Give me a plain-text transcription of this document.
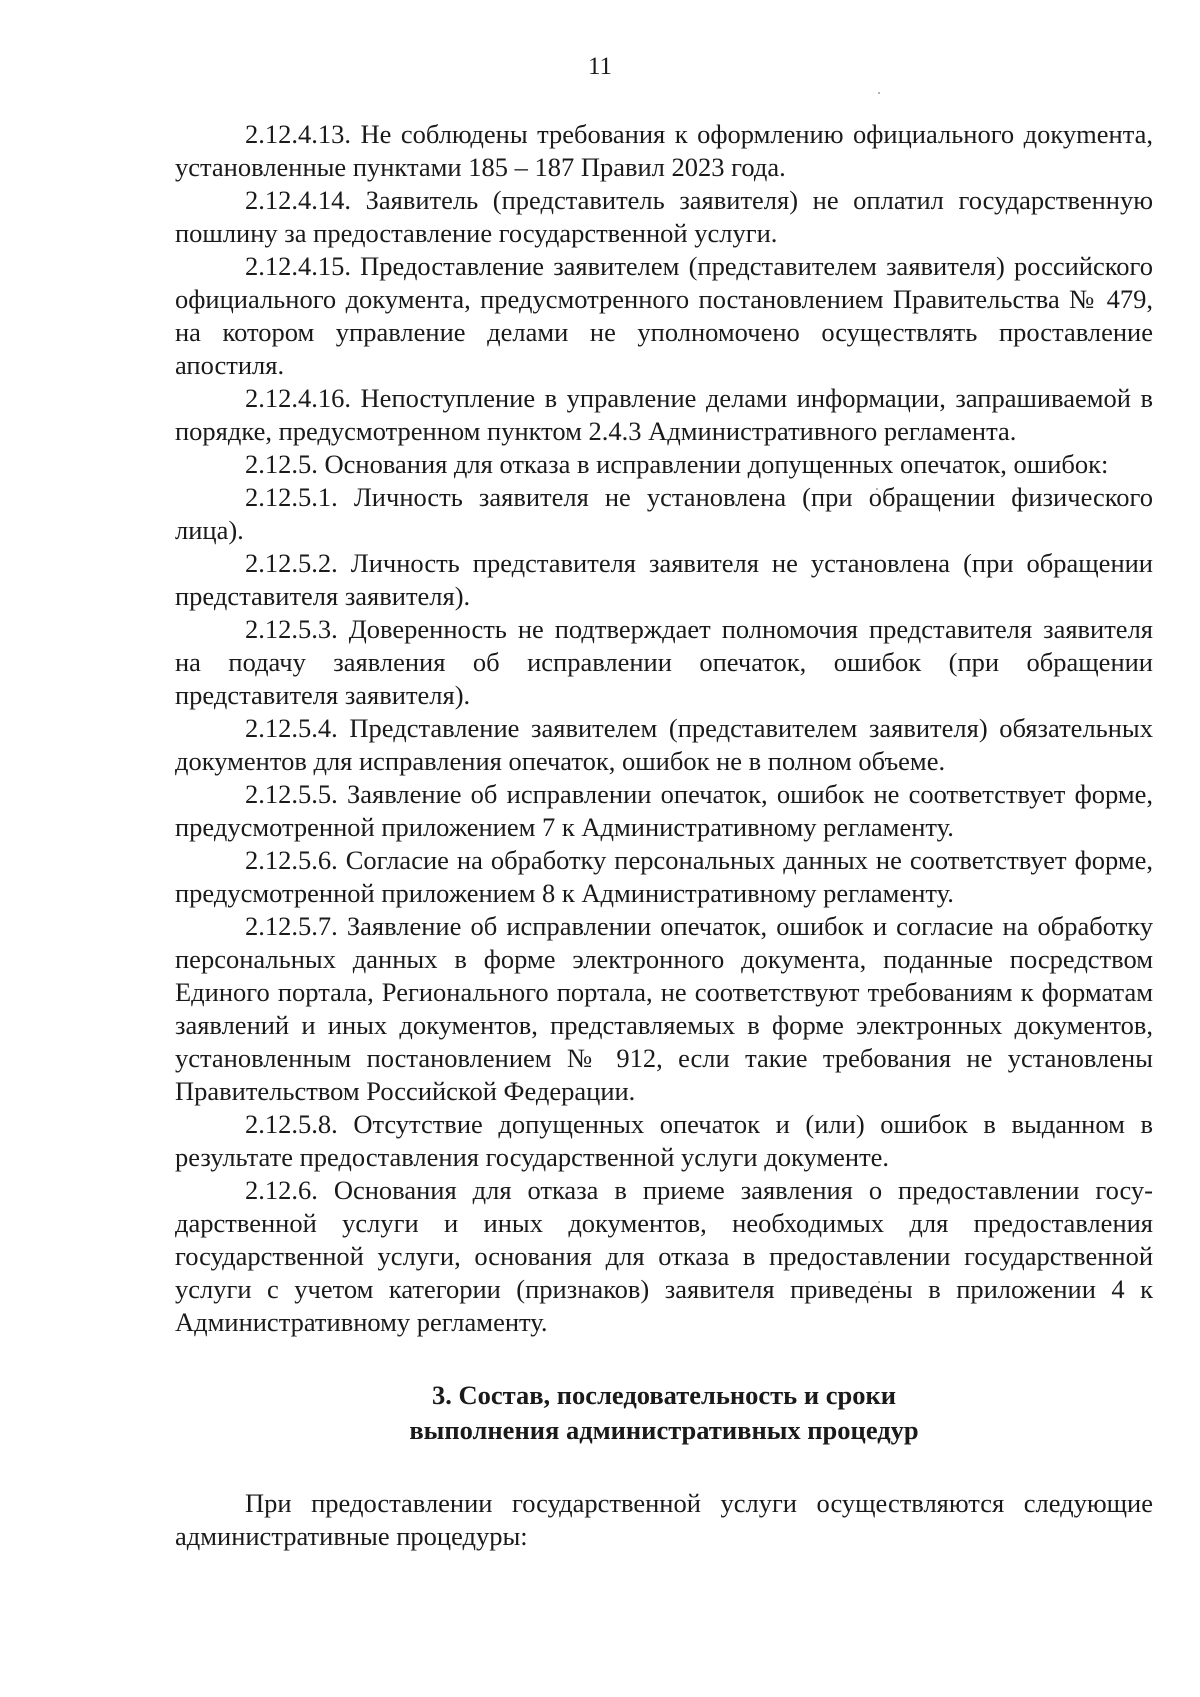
11

2.12.4.13. Не соблюдены требования к оформлению официального докуmента, установленные пунктами 185 – 187 Правил 2023 года.

2.12.4.14. Заявитель (представитель заявителя) не оплатил государственную пошлину за предоставление государственной услуги.

2.12.4.15. Предоставление заявителем (представителем заявителя) российского официального документа, предусмотренного постановлением Правительства № 479, на котором управление делами не уполномочено осуществлять проставление апостиля.

2.12.4.16. Непоступление в управление делами информации, запрашиваемой в порядке, предусмотренном пунктом 2.4.3 Административного регламента.

2.12.5. Основания для отказа в исправлении допущенных опечаток, ошибок:

2.12.5.1. Личность заявителя не установлена (при обращении физического лица).

2.12.5.2. Личность представителя заявителя не установлена (при обращении представителя заявителя).

2.12.5.3. Доверенность не подтверждает полномочия представителя заявителя на подачу заявления об исправлении опечаток, ошибок (при обращении представителя заявителя).

2.12.5.4. Представление заявителем (представителем заявителя) обязательных документов для исправления опечаток, ошибок не в полном объеме.

2.12.5.5. Заявление об исправлении опечаток, ошибок не соответствует форме, предусмотренной приложением 7 к Административному регламенту.

2.12.5.6. Согласие на обработку персональных данных не соответствует форме, предусмотренной приложением 8 к Административному регламенту.

2.12.5.7. Заявление об исправлении опечаток, ошибок и согласие на обработку персональных данных в форме электронного документа, поданные посредством Единого портала, Регионального портала, не соответствуют требованиям к форматам заявлений и иных документов, представляемых в форме электронных документов, установленным постановлением № 912, если такие требования не установлены Правительством Российской Федерации.

2.12.5.8. Отсутствие допущенных опечаток и (или) ошибок в выданном в результате предоставления государственной услуги документе.

2.12.6. Основания для отказа в приеме заявления о предоставлении государственной услуги и иных документов, необходимых для предоставления государственной услуги, основания для отказа в предоставлении государственной услуги с учетом категории (признаков) заявителя приведены в приложении 4 к Административному регламенту.

3. Состав, последовательность и сроки
выполнения административных процедур

При предоставлении государственной услуги осуществляются следующие административные процедуры:
